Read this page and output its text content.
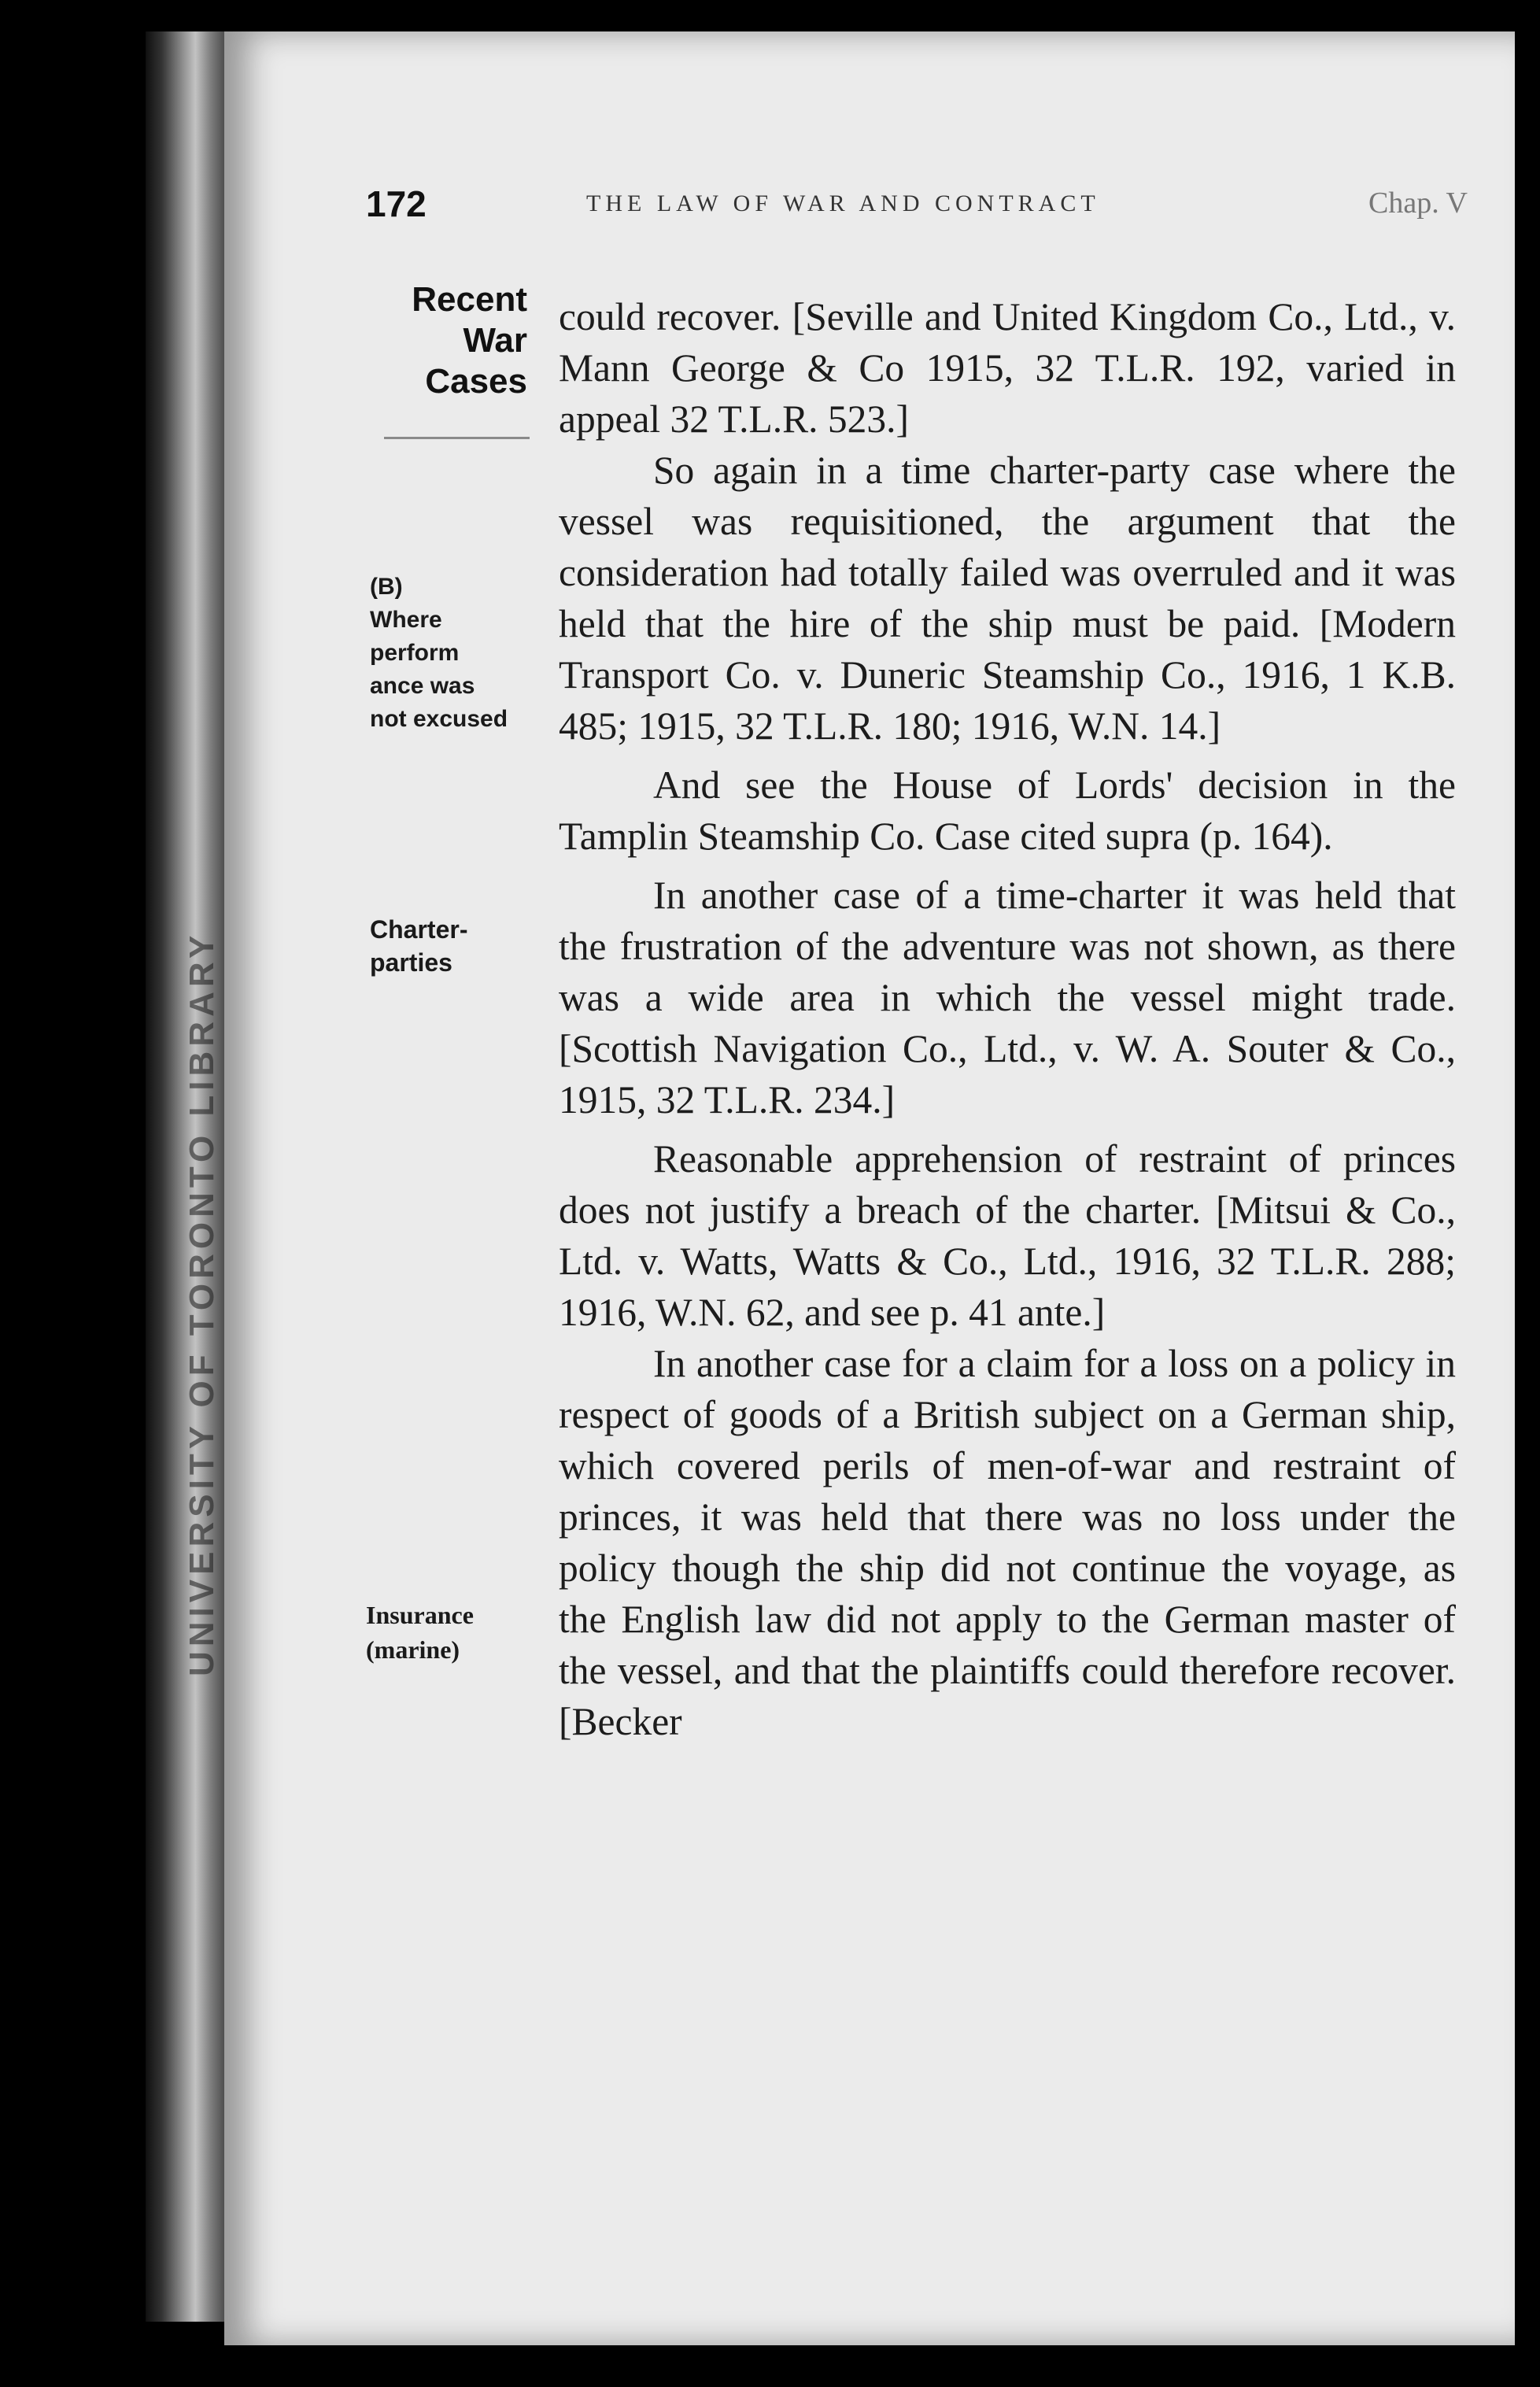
UNIVERSITY OF TORONTO LIBRARY
172	THE LAW OF WAR AND CONTRACT	Chap. V
Recent
War
Cases
(B)
Where
perform
ance was
not excused
Charter-
parties
Insurance
(marine)

could recover. [Seville and United Kingdom Co., Ltd., v. Mann George & Co 1915, 32 T.L.R. 192, varied in appeal 32 T.L.R. 523.]

So again in a time charter-party case where the vessel was requisitioned, the argument that the consideration had totally failed was overruled and it was held that the hire of the ship must be paid. [Modern Transport Co. v. Duneric Steamship Co., 1916, 1 K.B. 485; 1915, 32 T.L.R. 180; 1916, W.N. 14.]

And see the House of Lords' decision in the Tamplin Steamship Co. Case cited supra (p. 164).

In another case of a time-charter it was held that the frustration of the adventure was not shown, as there was a wide area in which the vessel might trade. [Scottish Navigation Co., Ltd., v. W. A. Souter & Co., 1915, 32 T.L.R. 234.]

Reasonable apprehension of restraint of princes does not justify a breach of the charter. [Mitsui & Co., Ltd. v. Watts, Watts & Co., Ltd., 1916, 32 T.L.R. 288; 1916, W.N. 62, and see p. 41 ante.]

In another case for a claim for a loss on a policy in respect of goods of a British subject on a German ship, which covered perils of men-of-war and restraint of princes, it was held that there was no loss under the policy though the ship did not continue the voyage, as the English law did not apply to the German master of the vessel, and that the plaintiffs could therefore recover. [Becker
